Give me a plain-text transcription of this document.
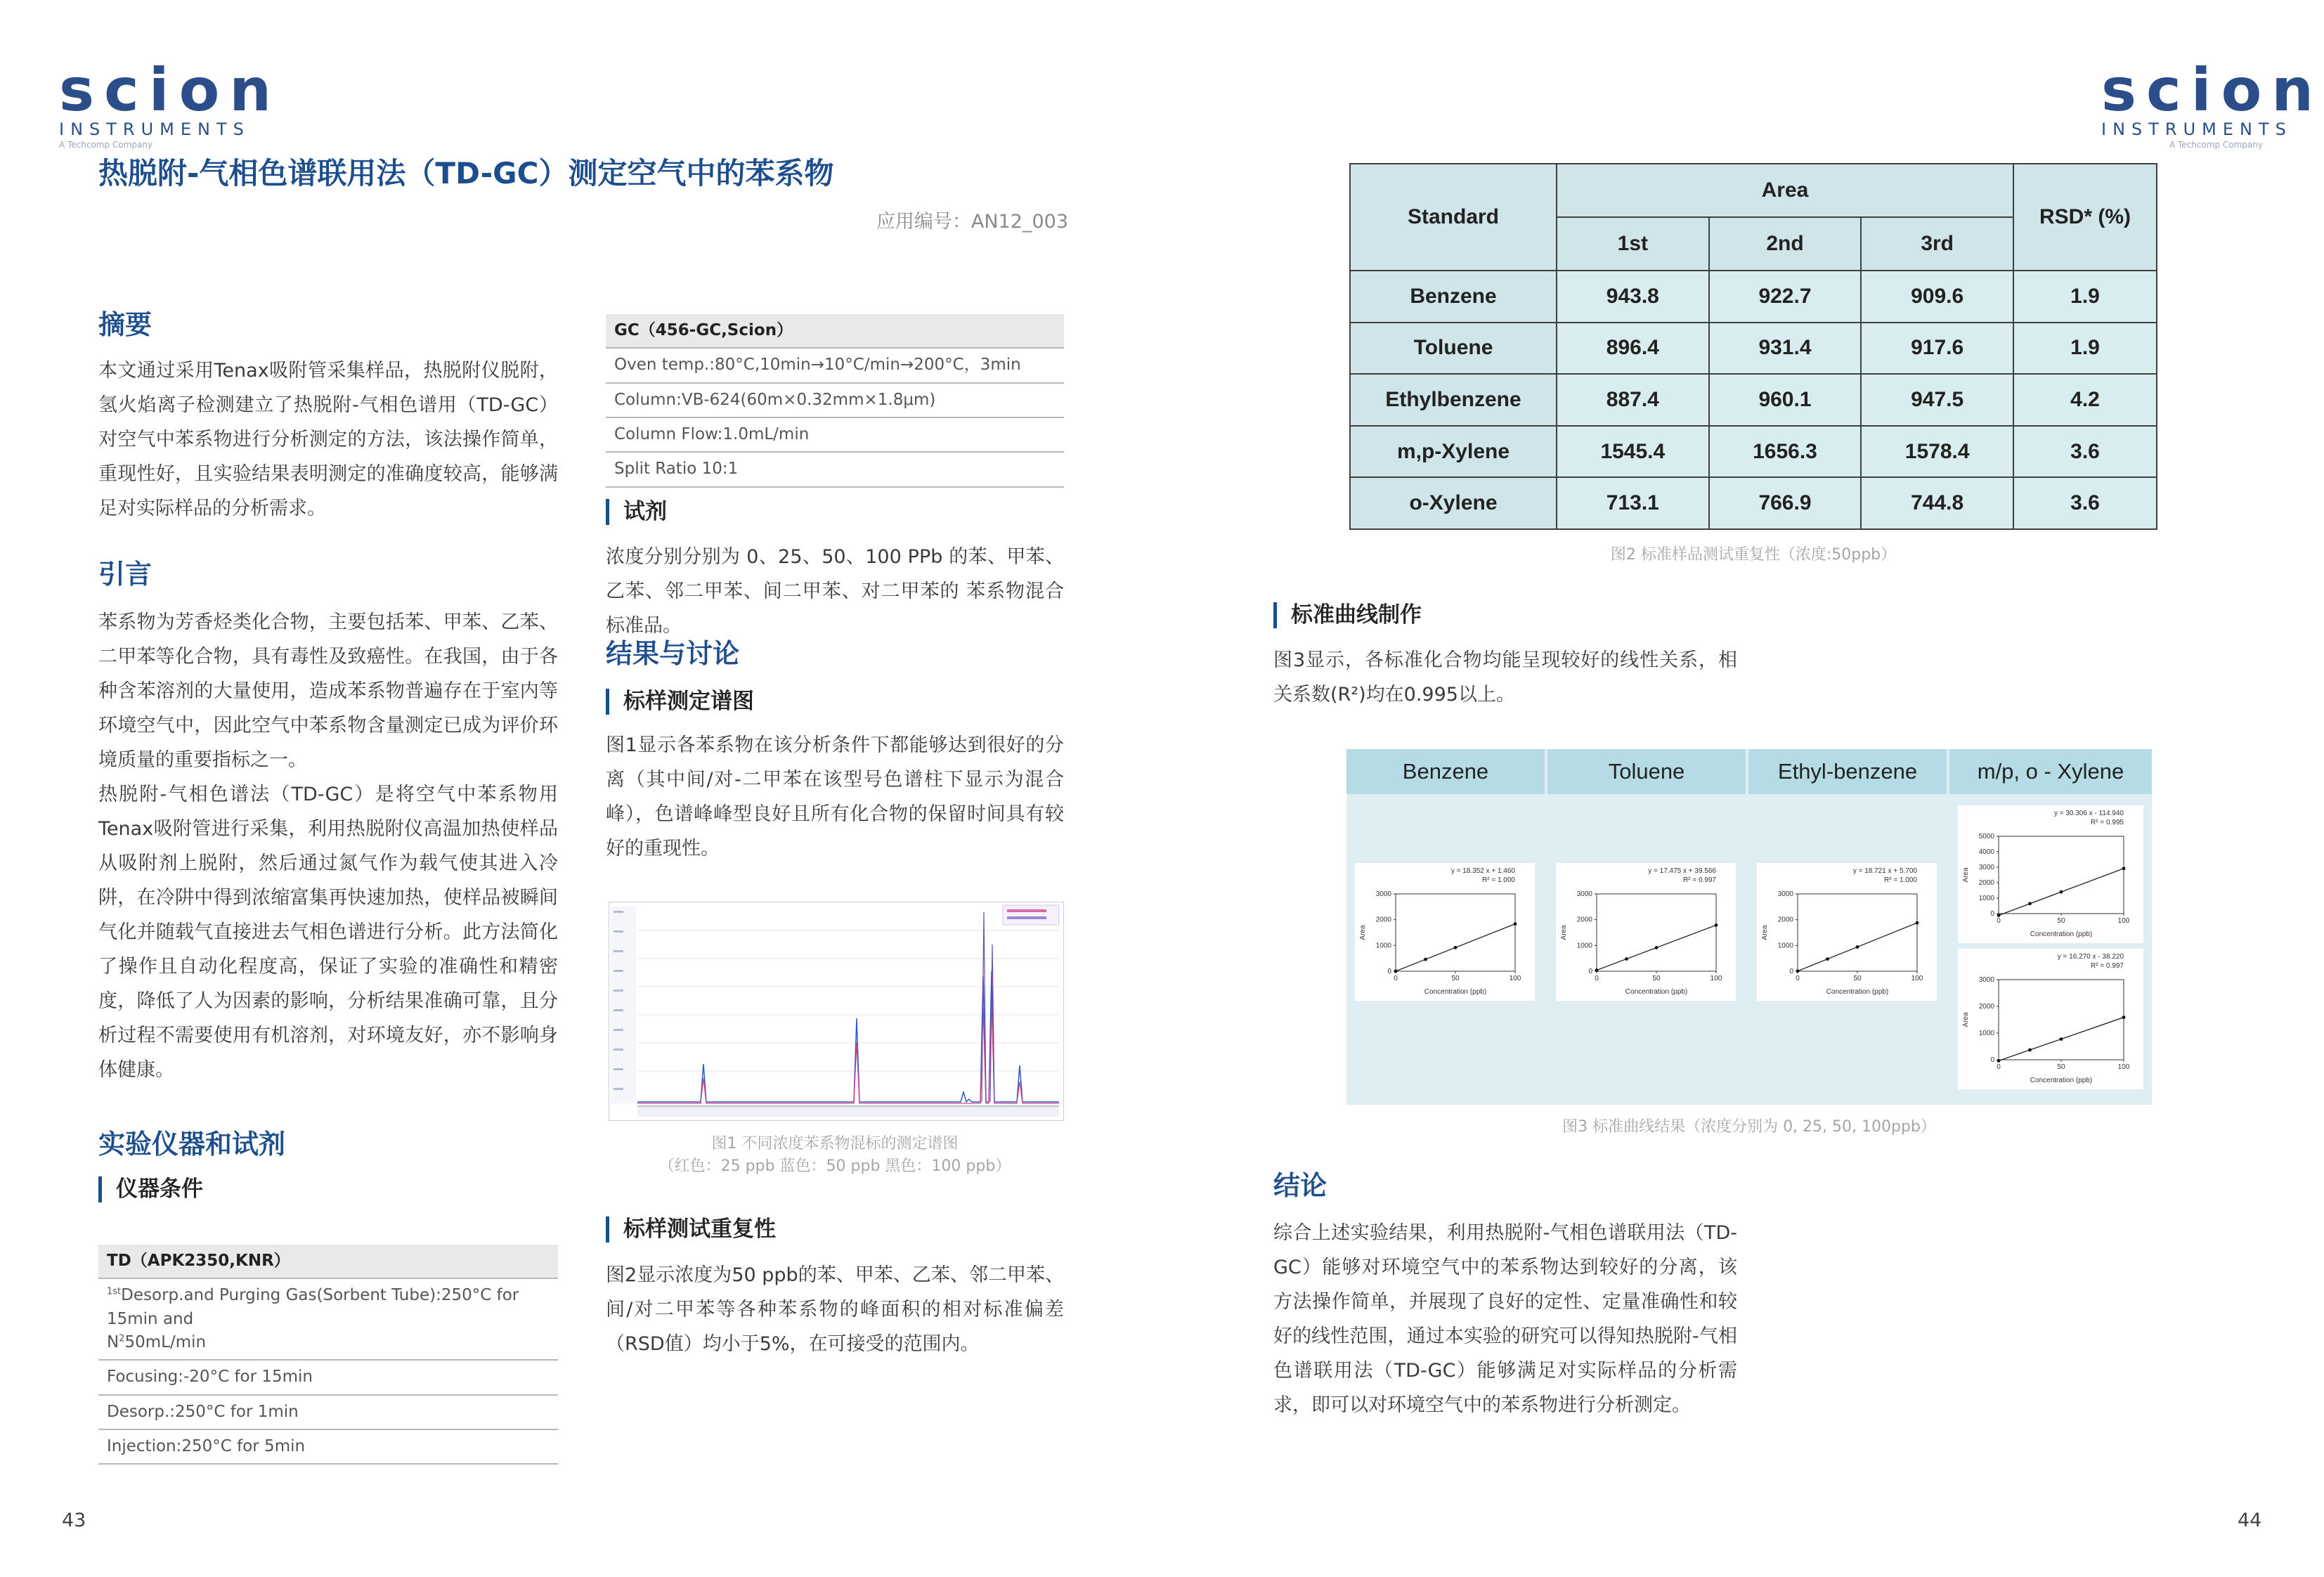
scion
INSTRUMENTS
A Techcomp Company
scion
INSTRUMENTS
A Techcomp Company
热脱附-气相色谱联用法（TD-GC）测定空气中的苯系物
应用编号：AN12_003
摘要
本文通过采用Tenax吸附管采集样品，热脱附仪脱附，氢火焰离子检测建立了热脱附-气相色谱用（TD-GC）对空气中苯系物进行分析测定的方法，该法操作简单，重现性好，且实验结果表明测定的准确度较高，能够满足对实际样品的分析需求。
引言
苯系物为芳香烃类化合物，主要包括苯、甲苯、乙苯、二甲苯等化合物，具有毒性及致癌性。在我国，由于各种含苯溶剂的大量使用，造成苯系物普遍存在于室内等环境空气中，因此空气中苯系物含量测定已成为评价环境质量的重要指标之一。
热脱附-气相色谱法（TD-GC）是将空气中苯系物用Tenax吸附管进行采集，利用热脱附仪高温加热使样品从吸附剂上脱附，然后通过氮气作为载气使其进入冷阱，在冷阱中得到浓缩富集再快速加热，使样品被瞬间气化并随载气直接进去气相色谱进行分析。此方法简化了操作且自动化程度高，保证了实验的准确性和精密度，降低了人为因素的影响，分析结果准确可靠，且分析过程不需要使用有机溶剂，对环境友好，亦不影响身体健康。
实验仪器和试剂
仪器条件
TD（APK2350,KNR）
$^{1st}$Desorp.and Purging Gas(Sorbent Tube):250°C for 15min and
$N^250mL/\min$
Focusing:-20°C for 15min
Desorp.:250°C for 1min
Injection:250°C for 5min
43
GC（456-GC,Scion）
Oven temp.:80°C,10min→10°C/min→200°C，3min
Column:VB-624(60m×0.32mm×1.8μm)
Column Flow:1.0mL/min
Split Ratio 10:1
试剂
浓度分别分别为 0、25、50、100 PPb 的苯、甲苯、乙苯、邻二甲苯、间二甲苯、对二甲苯的 苯系物混合标准品。
结果与讨论
标样测定谱图
图1显示各苯系物在该分析条件下都能够达到很好的分离（其中间/对-二甲苯在该型号色谱柱下显示为混合峰），色谱峰峰型良好且所有化合物的保留时间具有较好的重现性。
图1 不同浓度苯系物混标的测定谱图
（红色：25 ppb 蓝色：50 ppb 黑色：100 ppb）
标样测试重复性
图2显示浓度为50 ppb的苯、甲苯、乙苯、邻二甲苯、间/对二甲苯等各种苯系物的峰面积的相对标准偏差（RSD值）均小于5%，在可接受的范围内。
Standard	Area			RSD* (%)
	1st	2nd	3rd	
Benzene	943.8	922.7	909.6	1.9
Toluene	896.4	931.4	917.6	1.9
Ethylbenzene	887.4	960.1	947.5	4.2
m,p-Xylene	1545.4	1656.3	1578.4	3.6
o-Xylene	713.1	766.9	744.8	3.6
图2 标准样品测试重复性（浓度:50ppb）
标准曲线制作
图3显示，各标准化合物均能呈现较好的线性关系，相关系数(R²)均在0.995以上。
Benzene	Toluene	Ethyl-benzene	m/p, o - Xylene
0
1000
2000
3000
0	50	100
Concentration (ppb)
Area
y = 18.352 x + 1.460
R² = 1.000
0
1000
2000
3000
0	50	100
Concentration (ppb)
Area
y = 17.475 x + 39.566
R² = 0.997
0
1000
2000
3000
0	50	100
Concentration (ppb)
Area
y = 18.721 x + 5.700
R² = 1.000
0
1000
2000
3000
4000
5000
0	50	100
Concentration (ppb)
Area
y = 30.306 x - 114.940
R² = 0.995
0
1000
2000
3000
0	50	100
Concentration (ppb)
Area
y = 16.270 x - 38.220
R² = 0.997
图3 标准曲线结果（浓度分别为 0, 25, 50, 100ppb）
结论
综合上述实验结果，利用热脱附-气相色谱联用法（TD-GC）能够对环境空气中的苯系物达到较好的分离，该方法操作简单，并展现了良好的定性、定量准确性和较好的线性范围，通过本实验的研究可以得知热脱附-气相色谱联用法（TD-GC）能够满足对实际样品的分析需求，即可以对环境空气中的苯系物进行分析测定。
44
